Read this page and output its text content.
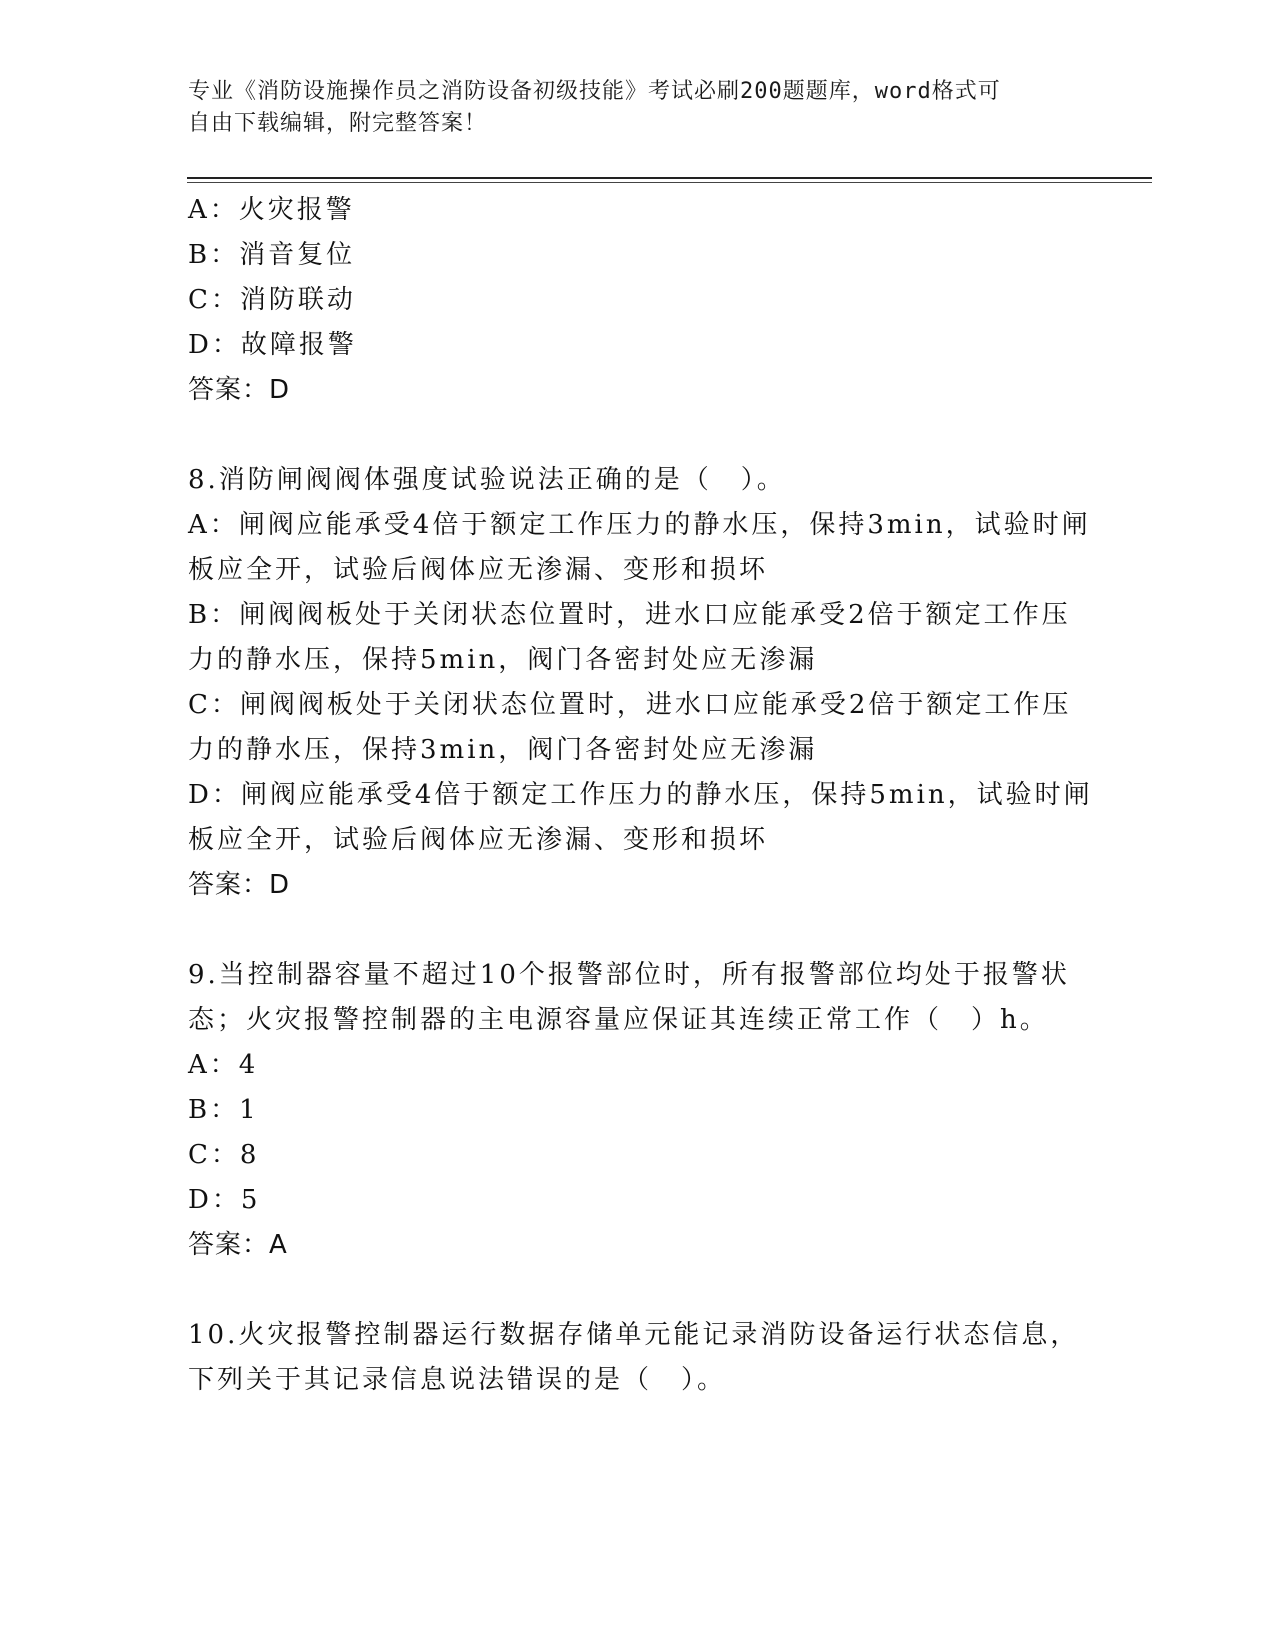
专业《消防设施操作员之消防设备初级技能》考试必刷200题题库，word格式可
自由下载编辑，附完整答案！
A：火灾报警
B：消音复位
C：消防联动
D：故障报警
答案：D
8.消防闸阀阀体强度试验说法正确的是（　）。
A：闸阀应能承受4倍于额定工作压力的静水压，保持3min，试验时闸
板应全开，试验后阀体应无渗漏、变形和损坏
B：闸阀阀板处于关闭状态位置时，进水口应能承受2倍于额定工作压
力的静水压，保持5min，阀门各密封处应无渗漏
C：闸阀阀板处于关闭状态位置时，进水口应能承受2倍于额定工作压
力的静水压，保持3min，阀门各密封处应无渗漏
D：闸阀应能承受4倍于额定工作压力的静水压，保持5min，试验时闸
板应全开，试验后阀体应无渗漏、变形和损坏
答案：D
9.当控制器容量不超过10个报警部位时，所有报警部位均处于报警状
态；火灾报警控制器的主电源容量应保证其连续正常工作（　）h。
A：4
B：1
C：8
D：5
答案：A
10.火灾报警控制器运行数据存储单元能记录消防设备运行状态信息，
下列关于其记录信息说法错误的是（　）。
